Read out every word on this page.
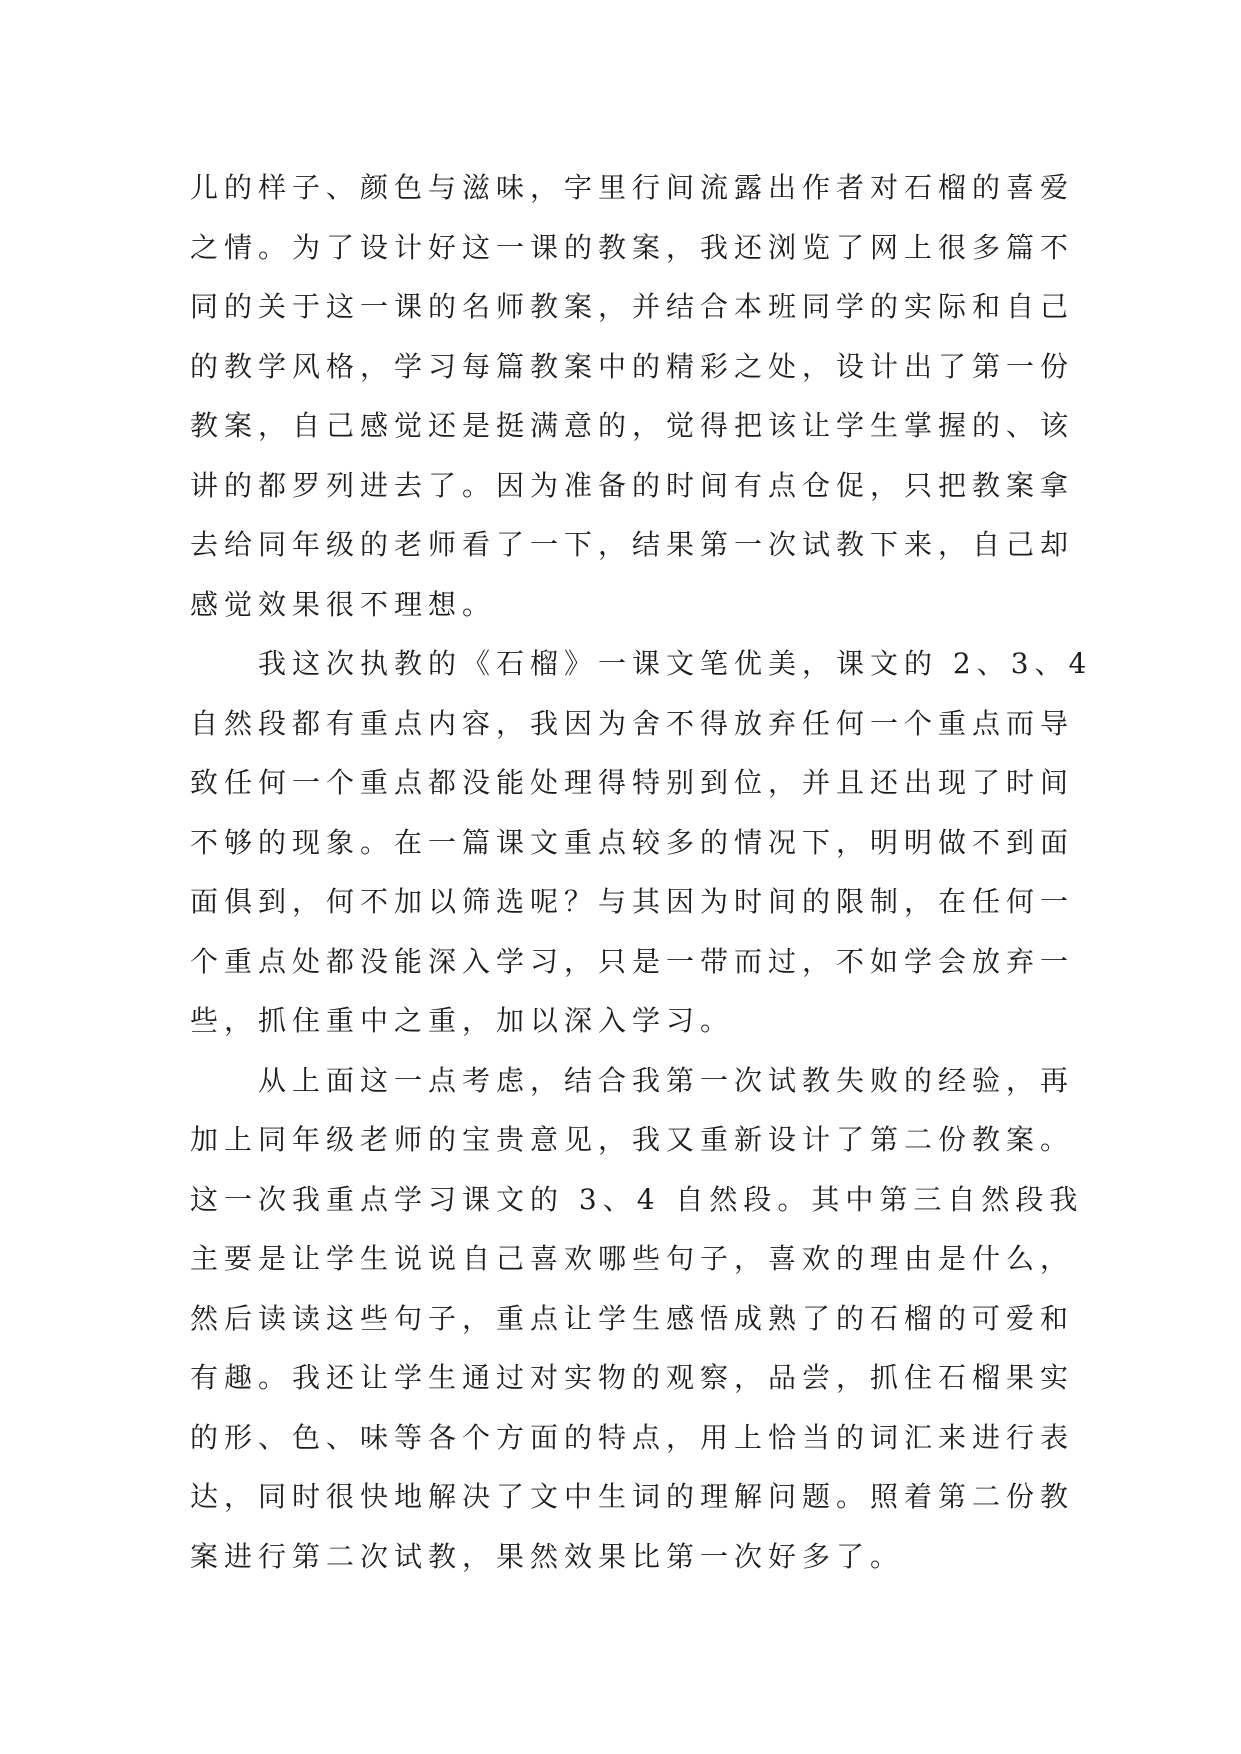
儿的样子、颜色与滋味，字里行间流露出作者对石榴的喜爱
之情。为了设计好这一课的教案，我还浏览了网上很多篇不
同的关于这一课的名师教案，并结合本班同学的实际和自己
的教学风格，学习每篇教案中的精彩之处，设计出了第一份
教案，自己感觉还是挺满意的，觉得把该让学生掌握的、该
讲的都罗列进去了。因为准备的时间有点仓促，只把教案拿
去给同年级的老师看了一下，结果第一次试教下来，自己却
感觉效果很不理想。
　　我这次执教的《石榴》一课文笔优美，课文的 2、3、4
自然段都有重点内容，我因为舍不得放弃任何一个重点而导
致任何一个重点都没能处理得特别到位，并且还出现了时间
不够的现象。在一篇课文重点较多的情况下，明明做不到面
面俱到，何不加以筛选呢？与其因为时间的限制，在任何一
个重点处都没能深入学习，只是一带而过，不如学会放弃一
些，抓住重中之重，加以深入学习。
　　从上面这一点考虑，结合我第一次试教失败的经验，再
加上同年级老师的宝贵意见，我又重新设计了第二份教案。
这一次我重点学习课文的 3、4 自然段。其中第三自然段我
主要是让学生说说自己喜欢哪些句子，喜欢的理由是什么，
然后读读这些句子，重点让学生感悟成熟了的石榴的可爱和
有趣。我还让学生通过对实物的观察，品尝，抓住石榴果实
的形、色、味等各个方面的特点，用上恰当的词汇来进行表
达，同时很快地解决了文中生词的理解问题。照着第二份教
案进行第二次试教，果然效果比第一次好多了。
